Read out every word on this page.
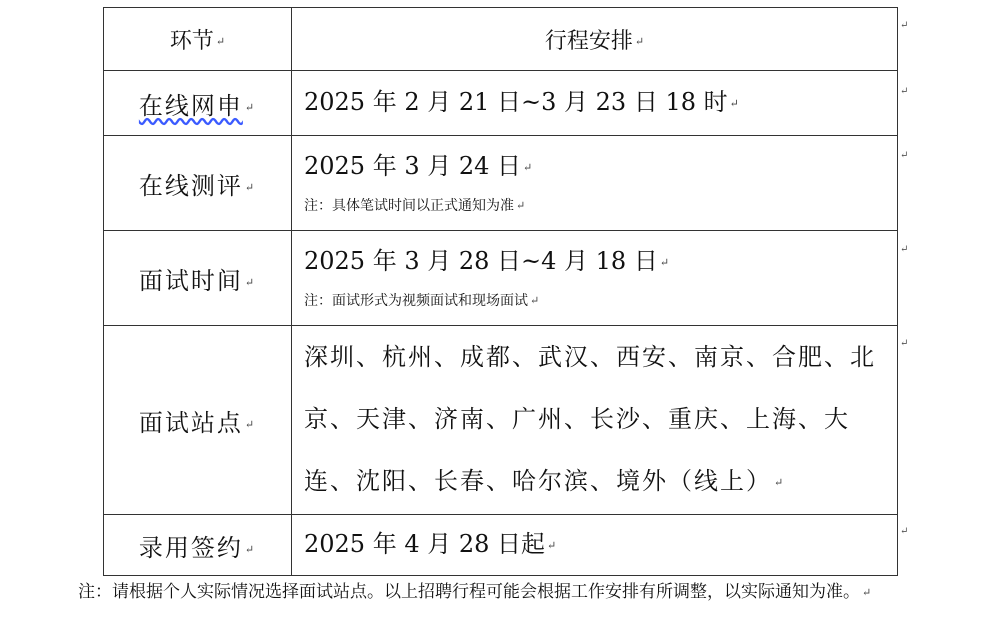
环节 ↵	行程安排 ↵
在线网申 ↵	2025 年 2 月 21 日~3 月 23 日 18 时 ↵

在线测评 ↵	2025 年 3 月 24 日 ↵
注：具体笔试时间以正式通知为准 ↵

面试时间 ↵	2025 年 3 月 28 日~4 月 18 日 ↵
注：面试形式为视频面试和现场面试 ↵

面试站点 ↵	深圳、杭州、成都、武汉、西安、南京、合肥、北京、天津、济南、广州、长沙、重庆、上海、大连、沈阳、长春、哈尔滨、境外（线上） ↵

录用签约 ↵	2025 年 4 月 28 日起 ↵
↵
↵
↵
↵
↵
↵
注：请根据个人实际情况选择面试站点。以上招聘行程可能会根据工作安排有所调整，以实际通知为准。 ↵
